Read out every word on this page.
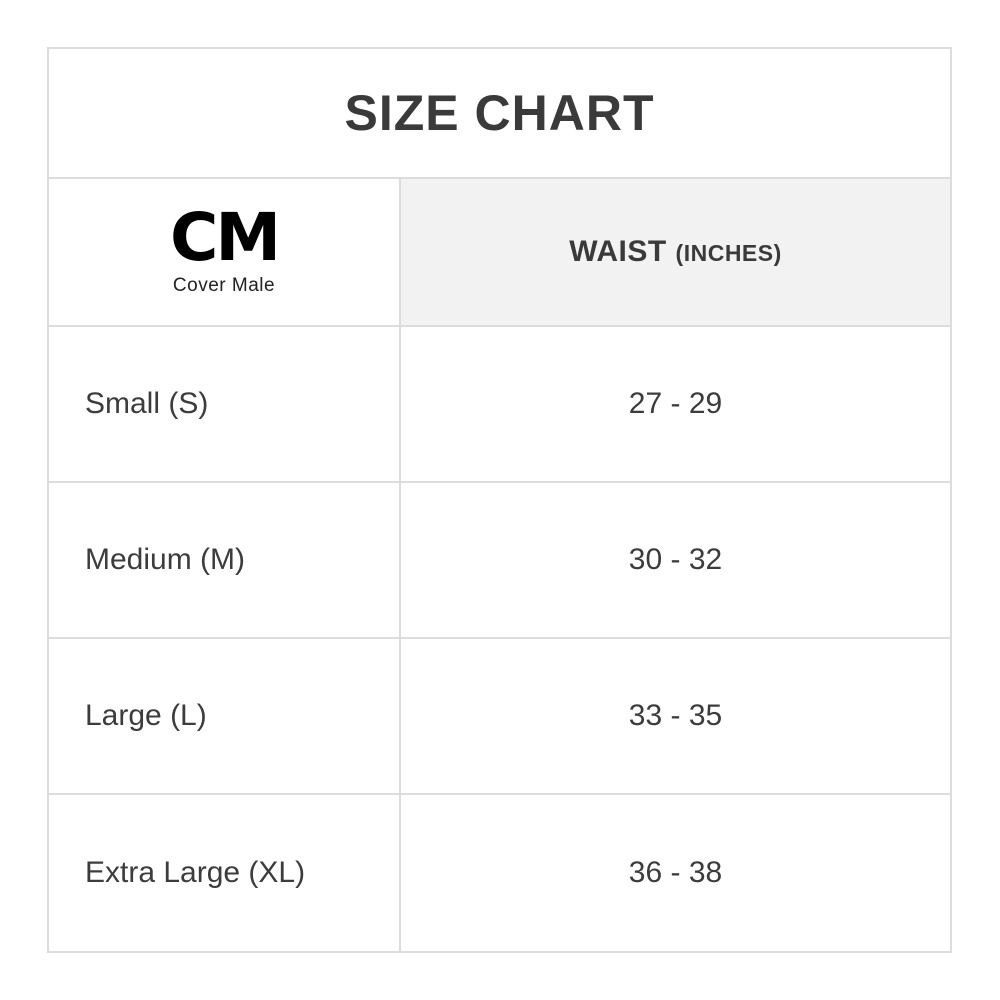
SIZE CHART
CM
Cover Male
WAIST (INCHES)
Small (S)	27 - 29
Medium (M)	30 - 32
Large (L)	33 - 35
Extra Large (XL)	36 - 38
